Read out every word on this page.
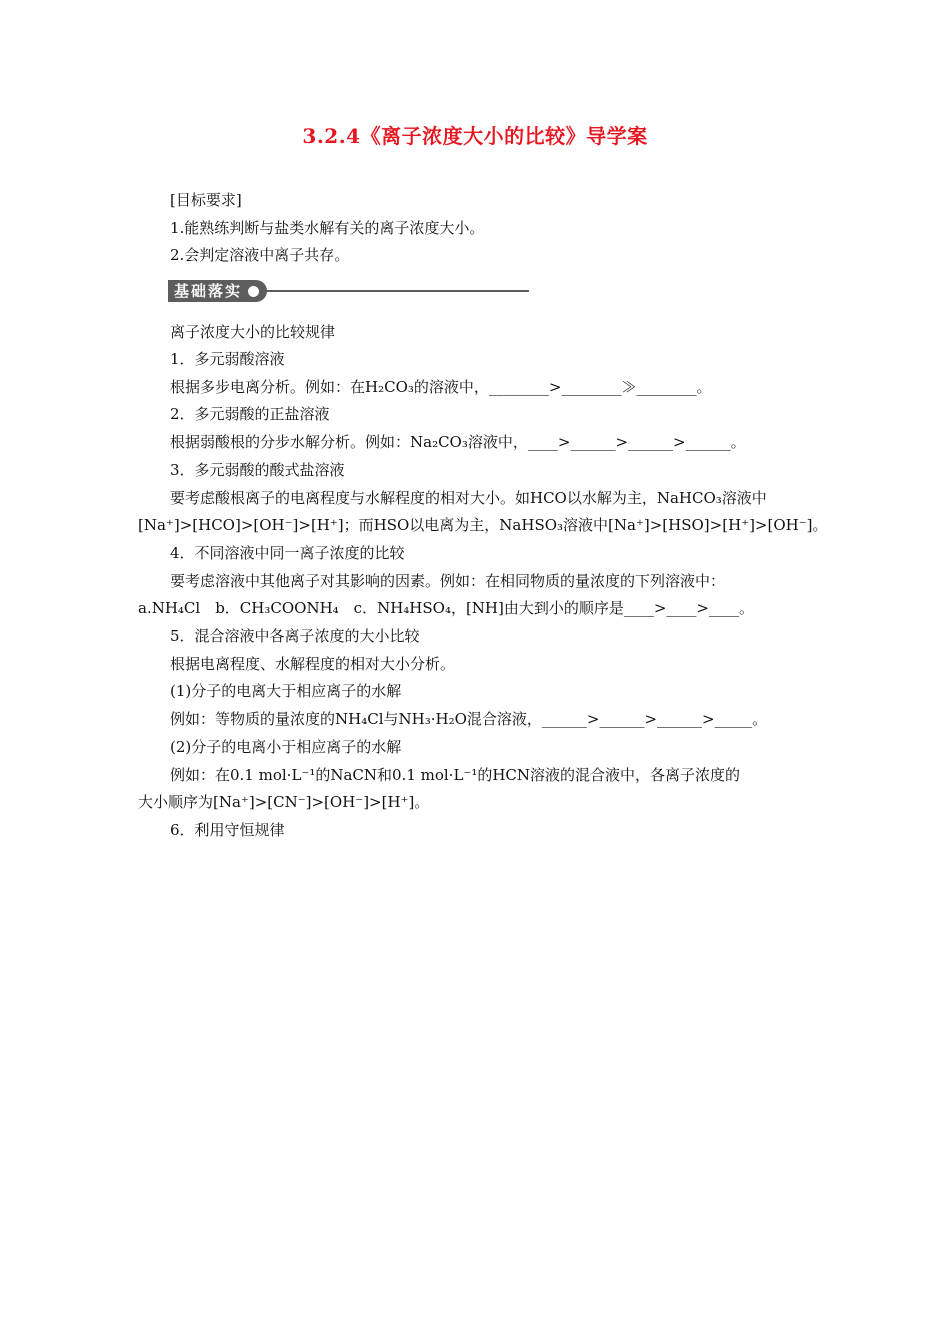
3.2.4《离子浓度大小的比较》导学案
[目标要求]
1.能熟练判断与盐类水解有关的离子浓度大小。
2.会判定溶液中离子共存。
基础落实
离子浓度大小的比较规律
1．多元弱酸溶液
根据多步电离分析。例如：在H₂CO₃的溶液中，________>________≫________。
2．多元弱酸的正盐溶液
根据弱酸根的分步水解分析。例如：Na₂CO₃溶液中，____>______>______>______。
3．多元弱酸的酸式盐溶液
要考虑酸根离子的电离程度与水解程度的相对大小。如HCO以水解为主，NaHCO₃溶液中
[Na⁺]>[HCO]>[OH⁻]>[H⁺]；而HSO以电离为主，NaHSO₃溶液中[Na⁺]>[HSO]>[H⁺]>[OH⁻]。
4．不同溶液中同一离子浓度的比较
要考虑溶液中其他离子对其影响的因素。例如：在相同物质的量浓度的下列溶液中：
a.NH₄Cl　b．CH₃COONH₄　c．NH₄HSO₄，[NH]由大到小的顺序是____>____>____。
5．混合溶液中各离子浓度的大小比较
根据电离程度、水解程度的相对大小分析。
(1)分子的电离大于相应离子的水解
例如：等物质的量浓度的NH₄Cl与NH₃·H₂O混合溶液，______>______>______>_____。
(2)分子的电离小于相应离子的水解
例如：在0.1 mol·L⁻¹的NaCN和0.1 mol·L⁻¹的HCN溶液的混合液中，各离子浓度的
大小顺序为[Na⁺]>[CN⁻]>[OH⁻]>[H⁺]。
6．利用守恒规律
